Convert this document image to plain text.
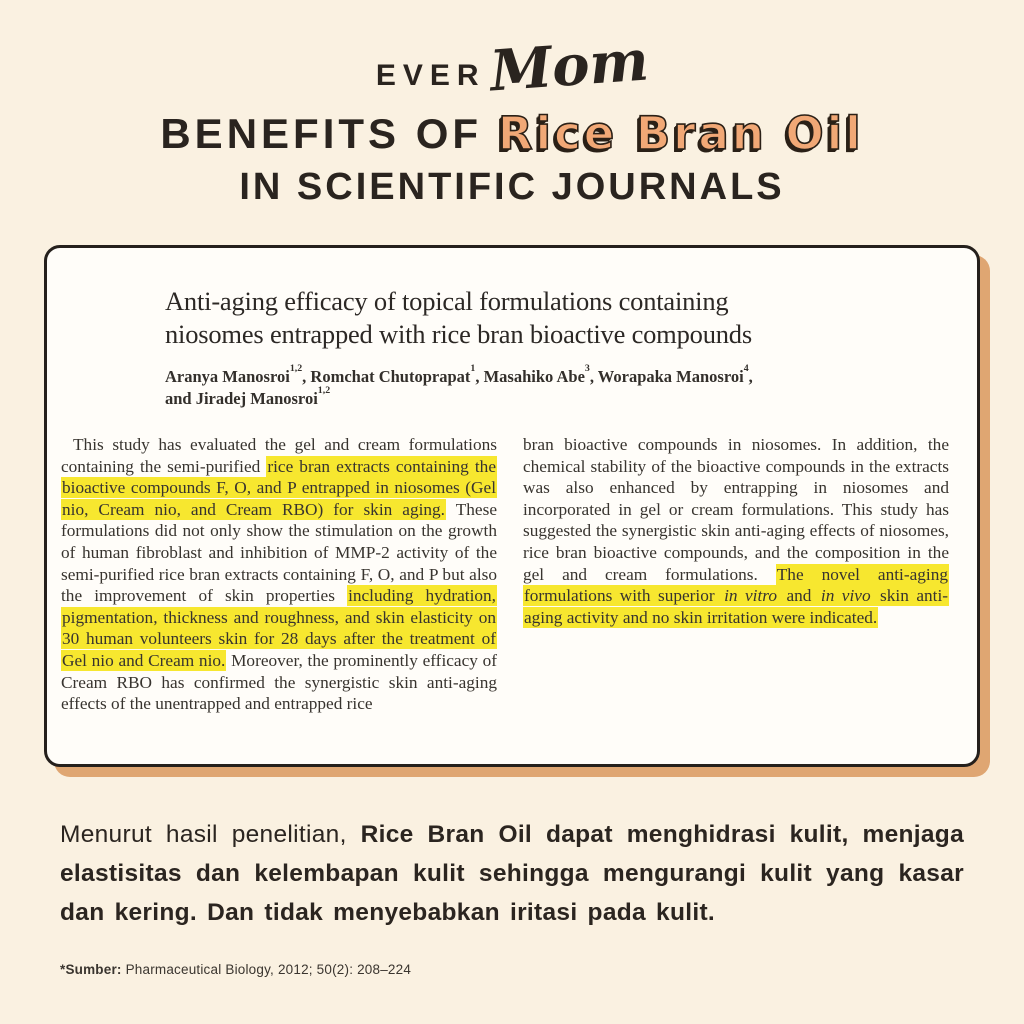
EVER Mom
BENEFITS OF Rice Bran Oil
IN SCIENTIFIC JOURNALS
Anti-aging efficacy of topical formulations containing niosomes entrapped with rice bran bioactive compounds

Aranya Manosroi$^{1,2}$, Romchat Chutoprapat$^1$, Masahiko Abe$^3$, Worapaka Manosroi$^4$,
and Jiradej Manosroi$^{1,2}$

This study has evaluated the gel and cream formulations containing the semi-purified rice bran extracts containing the bioactive compounds F, O, and P entrapped in niosomes (Gel nio, Cream nio, and Cream RBO) for skin aging. These formulations did not only show the stimulation on the growth of human fibroblast and inhibition of MMP-2 activity of the semi-purified rice bran extracts containing F, O, and P but also the improvement of skin properties including hydration, pigmentation, thickness and roughness, and skin elasticity on 30 human volunteers skin for 28 days after the treatment of Gel nio and Cream nio. Moreover, the prominently efficacy of Cream RBO has confirmed the synergistic skin anti-aging effects of the unentrapped and entrapped rice

bran bioactive compounds in niosomes. In addition, the chemical stability of the bioactive compounds in the extracts was also enhanced by entrapping in niosomes and incorporated in gel or cream formulations. This study has suggested the synergistic skin anti-aging effects of niosomes, rice bran bioactive compounds, and the composition in the gel and cream formulations. The novel anti-aging formulations with superior in vitro and in vivo skin anti-aging activity and no skin irritation were indicated.

Menurut hasil penelitian, Rice Bran Oil dapat menghidrasi kulit, menjaga elastisitas dan kelembapan kulit sehingga mengurangi kulit yang kasar dan kering. Dan tidak menyebabkan iritasi pada kulit.

*Sumber: Pharmaceutical Biology, 2012; 50(2): 208–224
